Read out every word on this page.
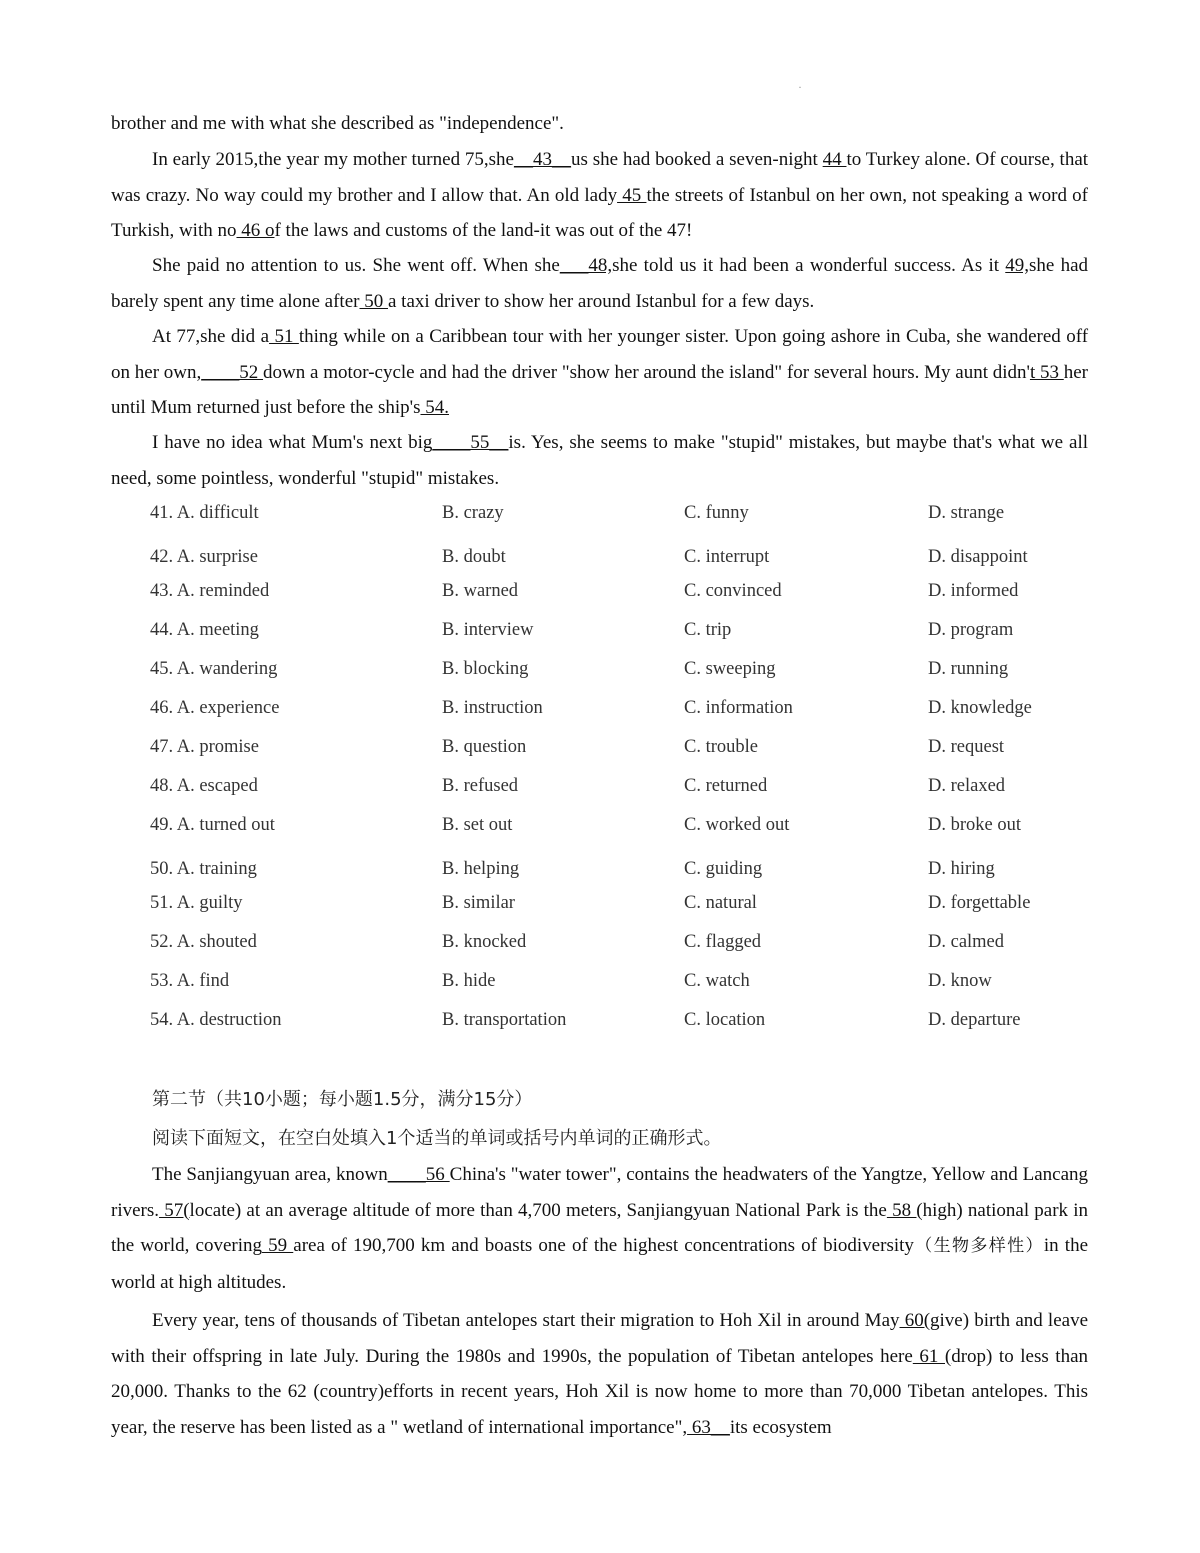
·

brother and me with what she described as "independence".

In early 2015,the year my mother turned 75,she__43__us she had booked a seven-night 44 to Turkey alone. Of course, that was crazy. No way could my brother and I allow that. An old lady 45 the streets of Istanbul on her own, not speaking a word of Turkish, with no 46 of the laws and customs of the land-it was out of the 47!

She paid no attention to us. She went off. When she___48,she told us it had been a wonderful success. As it 49,she had barely spent any time alone after 50 a taxi driver to show her around Istanbul for a few days.

At 77,she did a 51 thing while on a Caribbean tour with her younger sister. Upon going ashore in Cuba, she wandered off on her own,____52 down a motor-cycle and had the driver "show her around the island" for several hours. My aunt didn't 53 her until Mum returned just before the ship's 54.

I have no idea what Mum's next big____55__is. Yes, she seems to make "stupid" mistakes, but maybe that's what we all need, some pointless, wonderful "stupid" mistakes.

41. A. difficult	B. crazy	C. funny	D. strange
42. A. surprise	B. doubt	C. interrupt	D. disappoint
43. A. reminded	B. warned	C. convinced	D. informed
44. A. meeting	B. interview	C. trip	D. program
45. A. wandering	B. blocking	C. sweeping	D. running
46. A. experience	B. instruction	C. information	D. knowledge
47. A. promise	B. question	C. trouble	D. request
48. A. escaped	B. refused	C. returned	D. relaxed
49. A. turned out	B. set out	C. worked out	D. broke out
50. A. training	B. helping	C. guiding	D. hiring
51. A. guilty	B. similar	C. natural	D. forgettable
52. A. shouted	B. knocked	C. flagged	D. calmed
53. A. find	B. hide	C. watch	D. know
54. A. destruction	B. transportation	C. location	D. departure
第二节（共10小题；每小题1.5分，满分15分）
阅读下面短文，在空白处填入1个适当的单词或括号内单词的正确形式。

The Sanjiangyuan area, known____56 China's "water tower", contains the headwaters of the Yangtze, Yellow and Lancang rivers. 57(locate) at an average altitude of more than 4,700 meters, Sanjiangyuan National Park is the 58 (high) national park in the world, covering 59 area of 190,700 km and boasts one of the highest concentrations of biodiversity（生物多样性）in the world at high altitudes.

Every year, tens of thousands of Tibetan antelopes start their migration to Hoh Xil in around May 60(give) birth and leave with their offspring in late July. During the 1980s and 1990s, the population of Tibetan antelopes here 61 (drop) to less than 20,000. Thanks to the 62 (country)efforts in recent years, Hoh Xil is now home to more than 70,000 Tibetan antelopes. This year, the reserve has been listed as a " wetland of international importance", 63__its ecosystem
